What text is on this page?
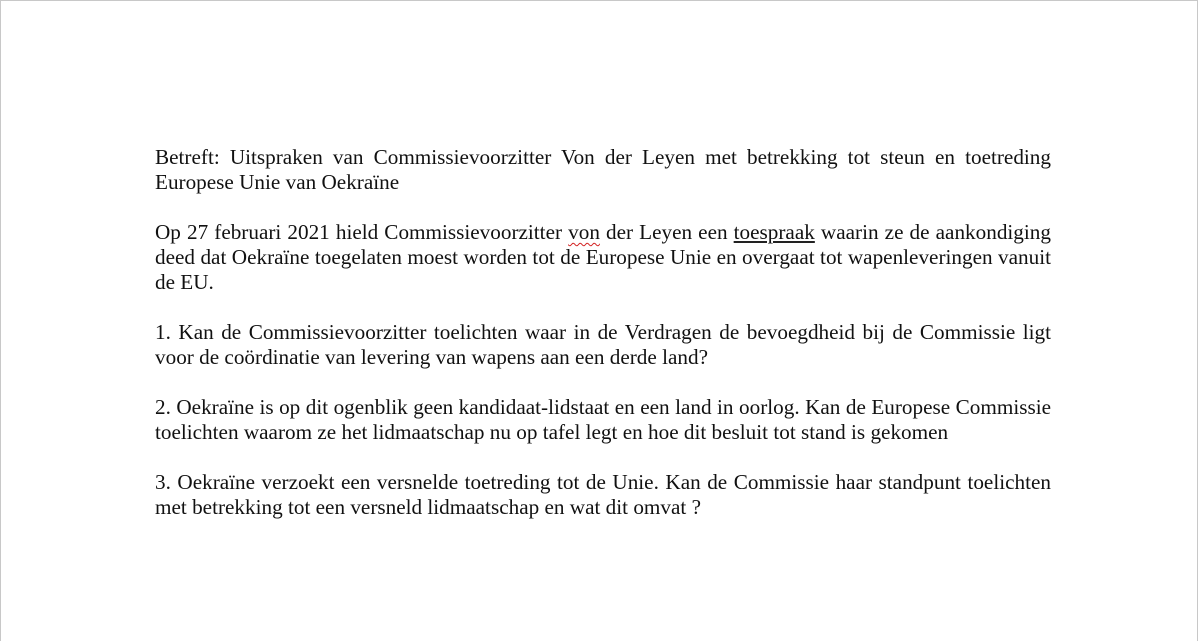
Betreft: Uitspraken van Commissievoorzitter Von der Leyen met betrekking tot steun en toetreding Europese Unie van Oekraïne

Op 27 februari 2021 hield Commissievoorzitter von der Leyen een toespraak waarin ze de aankondiging deed dat Oekraïne toegelaten moest worden tot de Europese Unie en overgaat tot wapenleveringen vanuit de EU.

1. Kan de Commissievoorzitter toelichten waar in de Verdragen de bevoegdheid bij de Commissie ligt voor de coördinatie van levering van wapens aan een derde land?

2. Oekraïne is op dit ogenblik geen kandidaat-lidstaat en een land in oorlog. Kan de Europese Commissie toelichten waarom ze het lidmaatschap nu op tafel legt en hoe dit besluit tot stand is gekomen

3. Oekraïne verzoekt een versnelde toetreding tot de Unie. Kan de Commissie haar standpunt toelichten met betrekking tot een versneld lidmaatschap en wat dit omvat ?
